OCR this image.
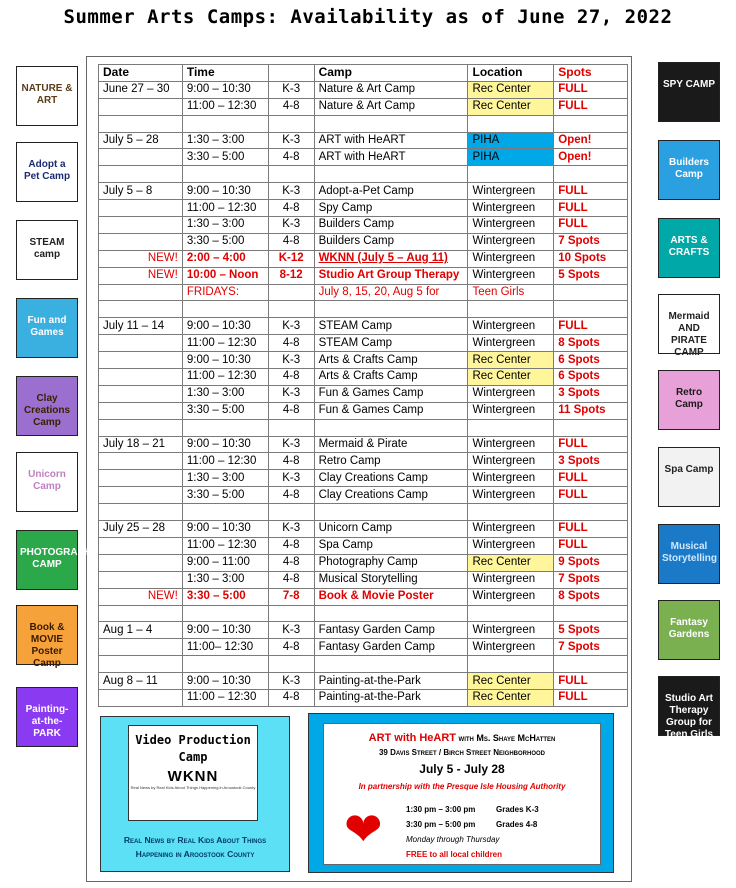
Summer Arts Camps: Availability as of June 27, 2022
Date	Time		Camp	Location	Spots
June 27 – 30	9:00 – 10:30	K-3	Nature & Art Camp	Rec Center	FULL
	11:00 – 12:30	4-8	Nature & Art Camp	Rec Center	FULL

July 5 – 28	1:30 – 3:00	K-3	ART with HeART	PIHA	Open!
	3:30 – 5:00	4-8	ART with HeART	PIHA	Open!

July 5 – 8	9:00 – 10:30	K-3	Adopt-a-Pet Camp	Wintergreen	FULL
	11:00 – 12:30	4-8	Spy Camp	Wintergreen	FULL
	1:30 – 3:00	K-3	Builders Camp	Wintergreen	FULL
	3:30 – 5:00	4-8	Builders Camp	Wintergreen	7 Spots
NEW!	2:00 – 4:00	K-12	WKNN (July 5 – Aug 11)	Wintergreen	10 Spots
NEW!	10:00 – Noon	8-12	Studio Art Group Therapy	Wintergreen	5 Spots
	FRIDAYS:		July 8, 15, 20, Aug 5 for	Teen Girls	

July 11 – 14	9:00 – 10:30	K-3	STEAM Camp	Wintergreen	FULL
	11:00 – 12:30	4-8	STEAM Camp	Wintergreen	8 Spots
	9:00 – 10:30	K-3	Arts & Crafts Camp	Rec Center	6 Spots
	11:00 – 12:30	4-8	Arts & Crafts Camp	Rec Center	6 Spots
	1:30 – 3:00	K-3	Fun & Games Camp	Wintergreen	3 Spots
	3:30 – 5:00	4-8	Fun & Games Camp	Wintergreen	11 Spots

July 18 – 21	9:00 – 10:30	K-3	Mermaid & Pirate	Wintergreen	FULL
	11:00 – 12:30	4-8	Retro Camp	Wintergreen	3 Spots
	1:30 – 3:00	K-3	Clay Creations Camp	Wintergreen	FULL
	3:30 – 5:00	4-8	Clay Creations Camp	Wintergreen	FULL

July 25 – 28	9:00 – 10:30	K-3	Unicorn Camp	Wintergreen	FULL
	11:00 – 12:30	4-8	Spa Camp	Wintergreen	FULL
	9:00 – 11:00	4-8	Photography Camp	Rec Center	9 Spots
	1:30 – 3:00	4-8	Musical Storytelling	Wintergreen	7 Spots
NEW!	3:30 – 5:00	7-8	Book & Movie Poster	Wintergreen	8 Spots

Aug 1 – 4	9:00 – 10:30	K-3	Fantasy Garden Camp	Wintergreen	5 Spots
	11:00– 12:30	4-8	Fantasy Garden Camp	Wintergreen	7 Spots

Aug 8 – 11	9:00 – 10:30	K-3	Painting-at-the-Park	Rec Center	FULL
	11:00 – 12:30	4-8	Painting-at-the-Park	Rec Center	FULL
NATURE & ART
Adopt a Pet Camp
STEAM camp
Fun and Games
Clay Creations Camp
Unicorn Camp
PHOTOGRAPHY CAMP
Book & MOVIE Poster Camp
Painting-at-the-PARK
SPY CAMP
Builders Camp
ARTS & CRAFTS
Mermaid AND PIRATE CAMP
Retro Camp
Spa Camp
Musical Storytelling
Fantasy Gardens
Studio Art Therapy Group for Teen Girls
Video Production
Camp
WKNN
Real News by Real Kids About Things Happening in Aroostook County
Real News by Real Kids About Things
Happening in Aroostook County
ART with HeART with Ms. Shaye McHatten
39 Davis Street / Birch Street Neighborhood
July 5 - July 28
In partnership with the Presque Isle Housing Authority
❤	1:30 pm – 3:00 pm	Grades K-3
3:30 pm – 5:00 pm	Grades 4-8
Monday through Thursday
FREE to all local children
